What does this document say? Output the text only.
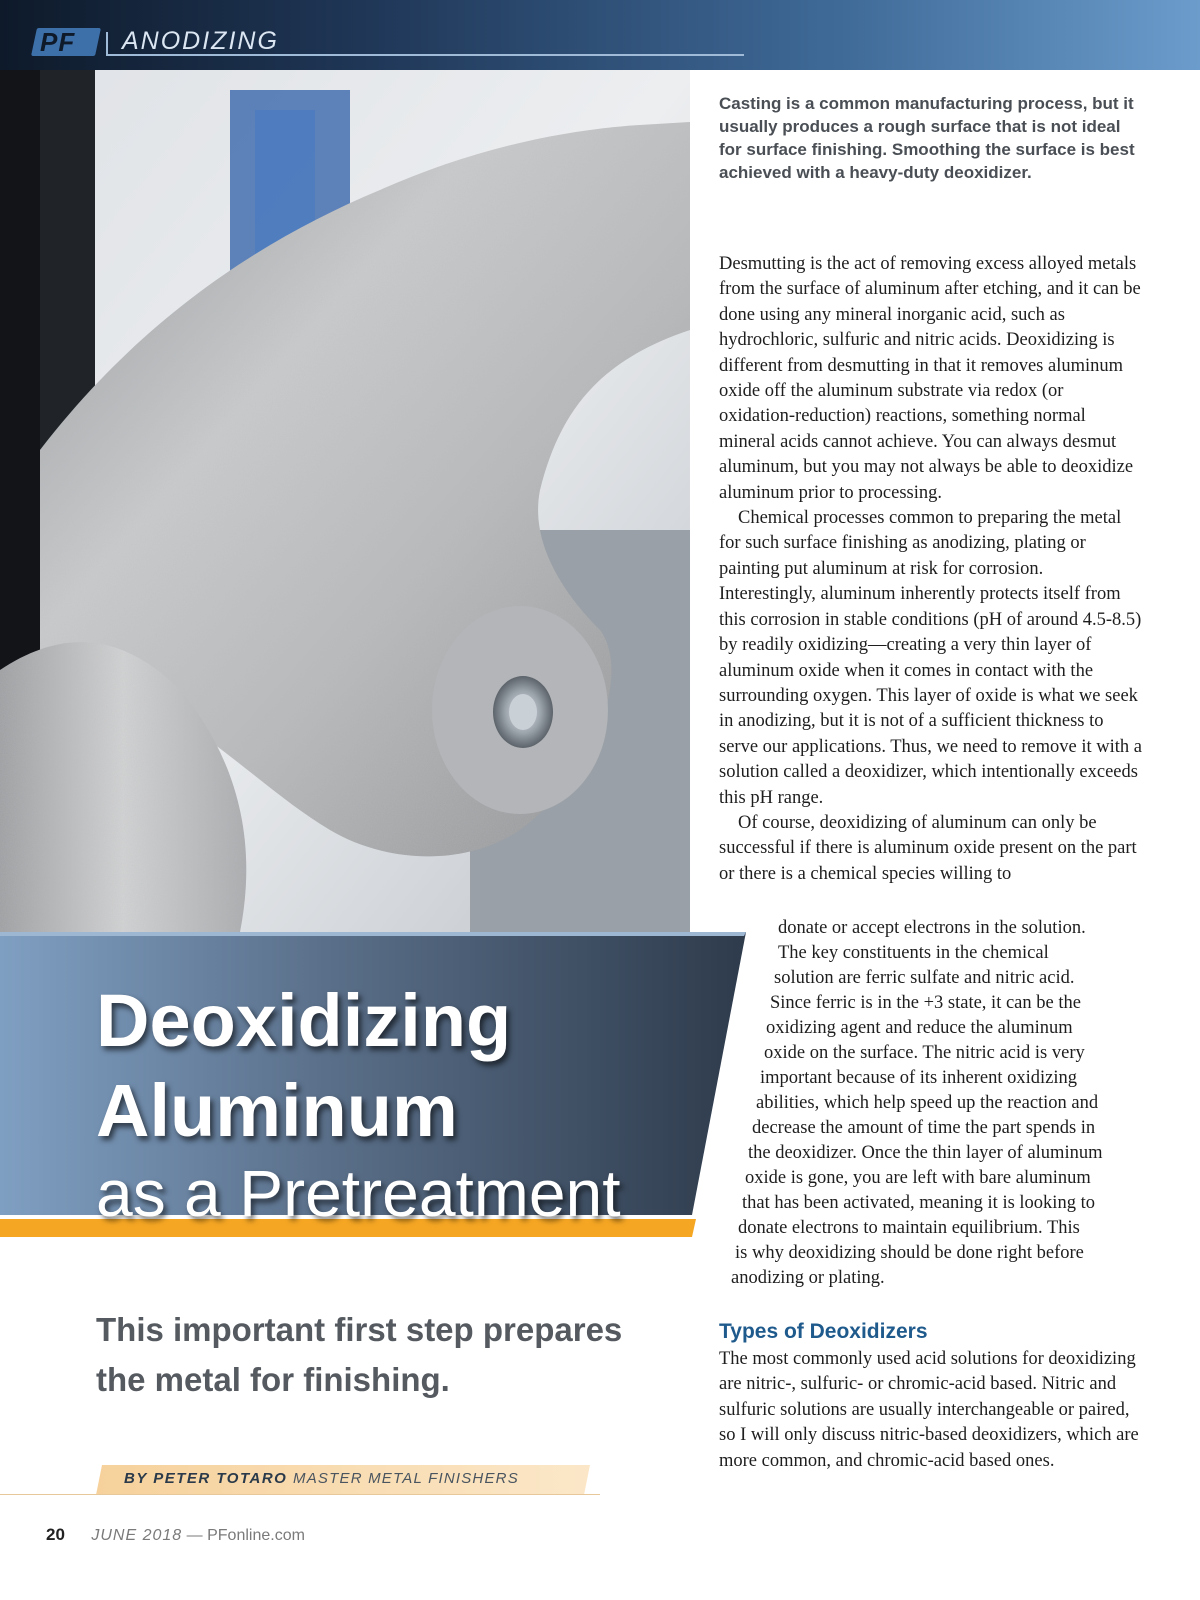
PF ANODIZING
Deoxidizing
Aluminum
as a Pretreatment
This important first step prepares the metal for finishing.
BY PETER TOTARO MASTER METAL FINISHERS
20 JUNE 2018 — PFonline.com
Casting is a common manufacturing process, but it usually produces a rough surface that is not ideal for surface finishing. Smoothing the surface is best achieved with a heavy-duty deoxidizer.

Desmutting is the act of removing excess alloyed metals from the surface of aluminum after etching, and it can be done using any mineral inorganic acid, such as hydrochloric, sulfuric and nitric acids. Deoxidizing is different from desmutting in that it removes aluminum oxide off the aluminum substrate via redox (or oxidation-reduction) reactions, something normal mineral acids cannot achieve. You can always desmut aluminum, but you may not always be able to deoxidize aluminum prior to processing.

Chemical processes common to preparing the metal for such surface finishing as anodizing, plating or painting put aluminum at risk for corrosion. Interestingly, aluminum inherently protects itself from this corrosion in stable conditions (pH of around 4.5-8.5) by readily oxidizing—creating a very thin layer of aluminum oxide when it comes in contact with the surrounding oxygen. This layer of oxide is what we seek in anodizing, but it is not of a sufficient thickness to serve our applications. Thus, we need to remove it with a solution called a deoxidizer, which intentionally exceeds this pH range.

Of course, deoxidizing of aluminum can only be successful if there is aluminum oxide present on the part or there is a chemical species willing to

donate or accept electrons in the solution.
The key constituents in the chemical
solution are ferric sulfate and nitric acid.
Since ferric is in the +3 state, it can be the
oxidizing agent and reduce the aluminum
oxide on the surface. The nitric acid is very
important because of its inherent oxidizing
abilities, which help speed up the reaction and
decrease the amount of time the part spends in
the deoxidizer. Once the thin layer of aluminum
oxide is gone, you are left with bare aluminum
that has been activated, meaning it is looking to
donate electrons to maintain equilibrium. This
is why deoxidizing should be done right before
anodizing or plating.
Types of Deoxidizers
The most commonly used acid solutions for deoxidizing are nitric-, sulfuric- or chromic-acid based. Nitric and sulfuric solutions are usually interchangeable or paired, so I will only discuss nitric-based deoxidizers, which are more common, and chromic-acid based ones.
